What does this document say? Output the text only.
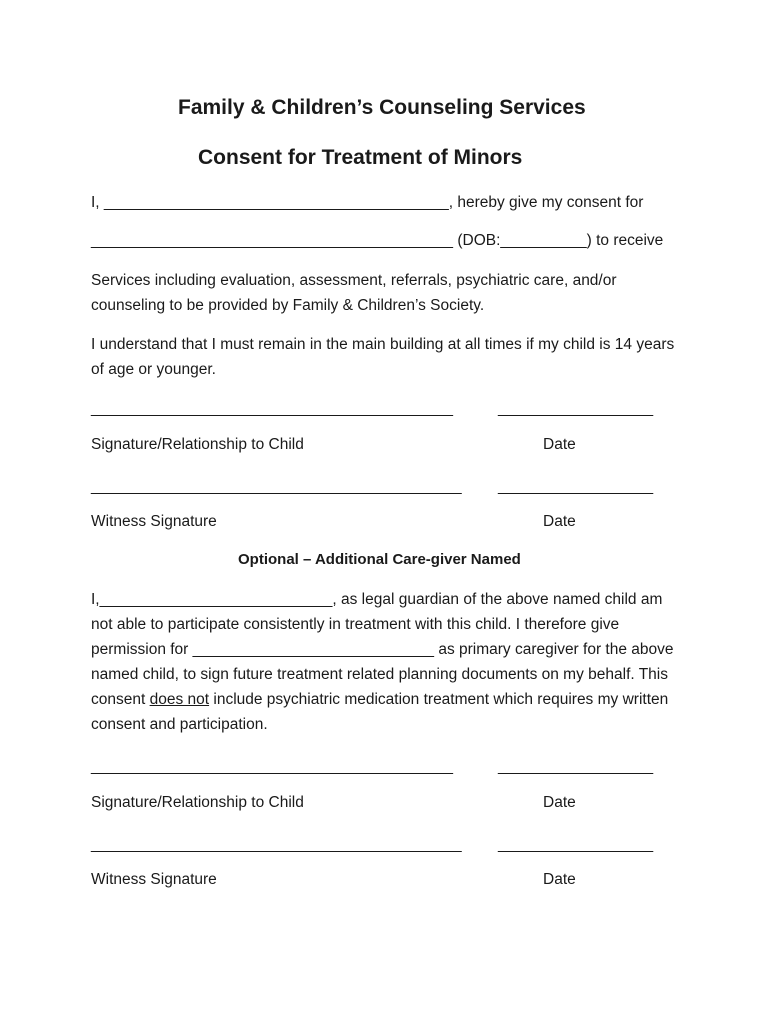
Family & Children’s Counseling Services
Consent for Treatment of Minors
I, ________________________________________, hereby give my consent for
__________________________________________ (DOB:__________) to receive
Services including evaluation, assessment, referrals, psychiatric care, and/or counseling to be provided by Family & Children’s Society.
I understand that I must remain in the main building at all times if my child is 14 years of age or younger.
__________________________________________	__________________
Signature/Relationship to Child	Date
___________________________________________ __________________
Witness Signature	Date
Optional – Additional Care-giver Named
I,___________________________, as legal guardian of the above named child am not able to participate consistently in treatment with this child. I therefore give permission for ____________________________ as primary caregiver for the above named child, to sign future treatment related planning documents on my behalf. This consent does not include psychiatric medication treatment which requires my written consent and participation.
__________________________________________	__________________
Signature/Relationship to Child	Date
___________________________________________ __________________
Witness Signature	Date
